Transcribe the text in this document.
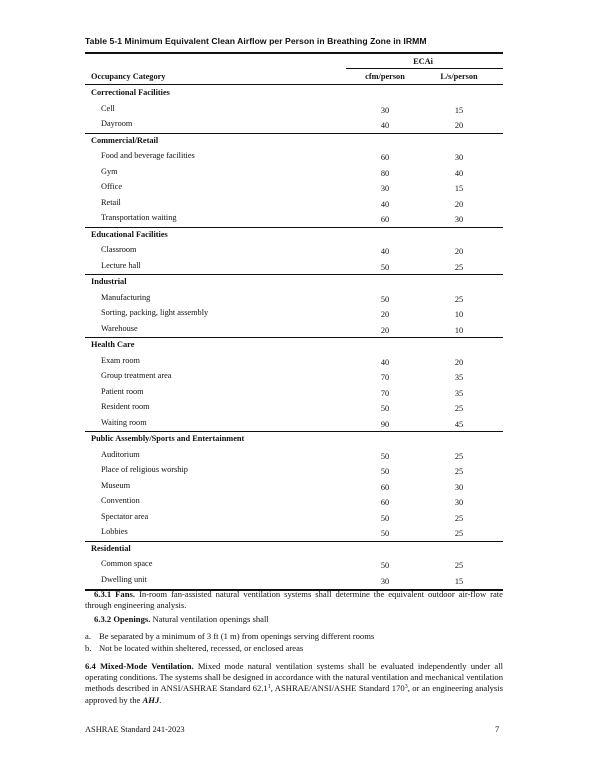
Table 5-1 Minimum Equivalent Clean Airflow per Person in Breathing Zone in IRMM
ECAi
Occupancy Category	cfm/person	L/s/person
Correctional Facilities
Cell	30	15
Dayroom	40	20
Commercial/Retail
Food and beverage facilities	60	30
Gym	80	40
Office	30	15
Retail	40	20
Transportation waiting	60	30
Educational Facilities
Classroom	40	20
Lecture hall	50	25
Industrial
Manufacturing	50	25
Sorting, packing, light assembly	20	10
Warehouse	20	10
Health Care
Exam room	40	20
Group treatment area	70	35
Patient room	70	35
Resident room	50	25
Waiting room	90	45
Public Assembly/Sports and Entertainment
Auditorium	50	25
Place of religious worship	50	25
Museum	60	30
Convention	60	30
Spectator area	50	25
Lobbies	50	25
Residential
Common space	50	25
Dwelling unit	30	15
6.3.1 Fans. In-room fan-assisted natural ventilation systems shall determine the equivalent outdoor air-flow rate through engineering analysis.
6.3.2 Openings. Natural ventilation openings shall
a. Be separated by a minimum of 3 ft (1 m) from openings serving different rooms
b. Not be located within sheltered, recessed, or enclosed areas
6.4 Mixed-Mode Ventilation. Mixed mode natural ventilation systems shall be evaluated independently under all operating conditions. The systems shall be designed in accordance with the natural ventilation and mechanical ventilation methods described in ANSI/ASHRAE Standard 62.1$^1$, ASHRAE/ANSI/ASHE Standard $170^3$, or an engineering analysis approved by the AHJ.
ASHRAE Standard 241-2023	7
